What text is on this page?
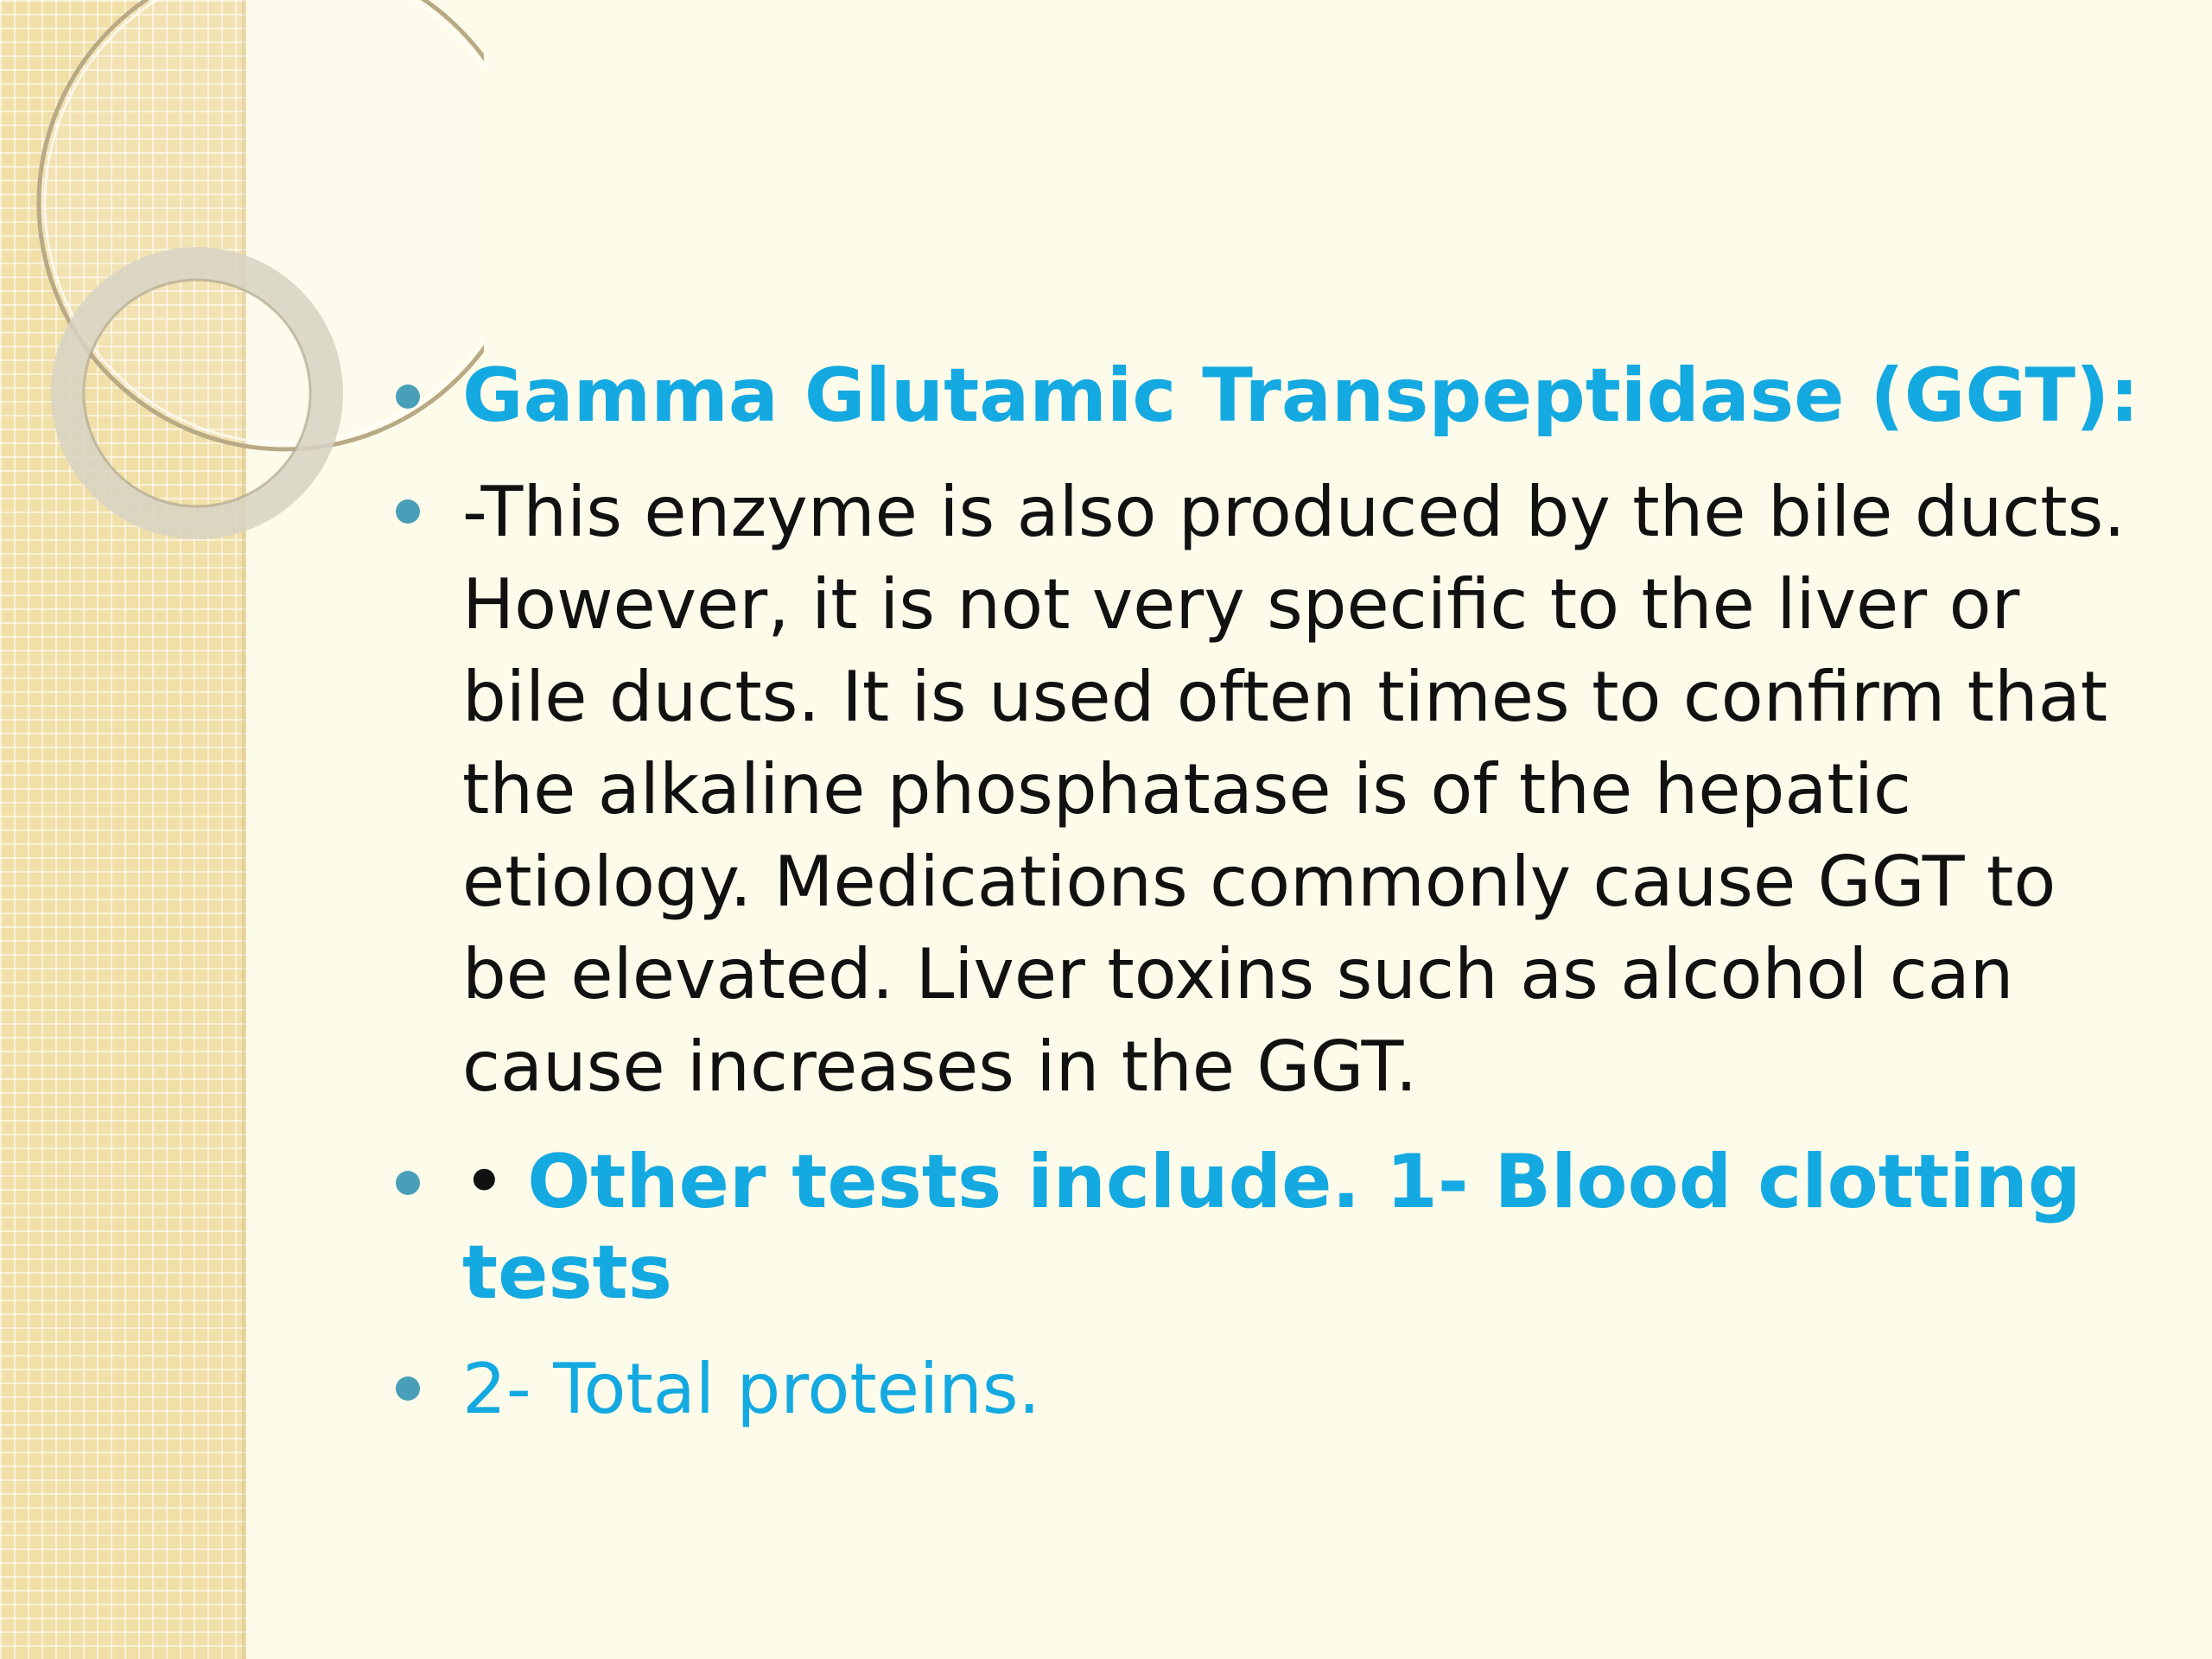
Gamma Glutamic Transpeptidase (GGT):
-This enzyme is also produced by the bile ducts. However, it is not very specific to the liver or bile ducts. It is used often times to confirm that the alkaline phosphatase is of the hepatic etiology. Medications commonly cause GGT to be elevated. Liver toxins such as alcohol can cause increases in the GGT.
• Other tests include. 1- Blood clotting tests
2- Total proteins.
